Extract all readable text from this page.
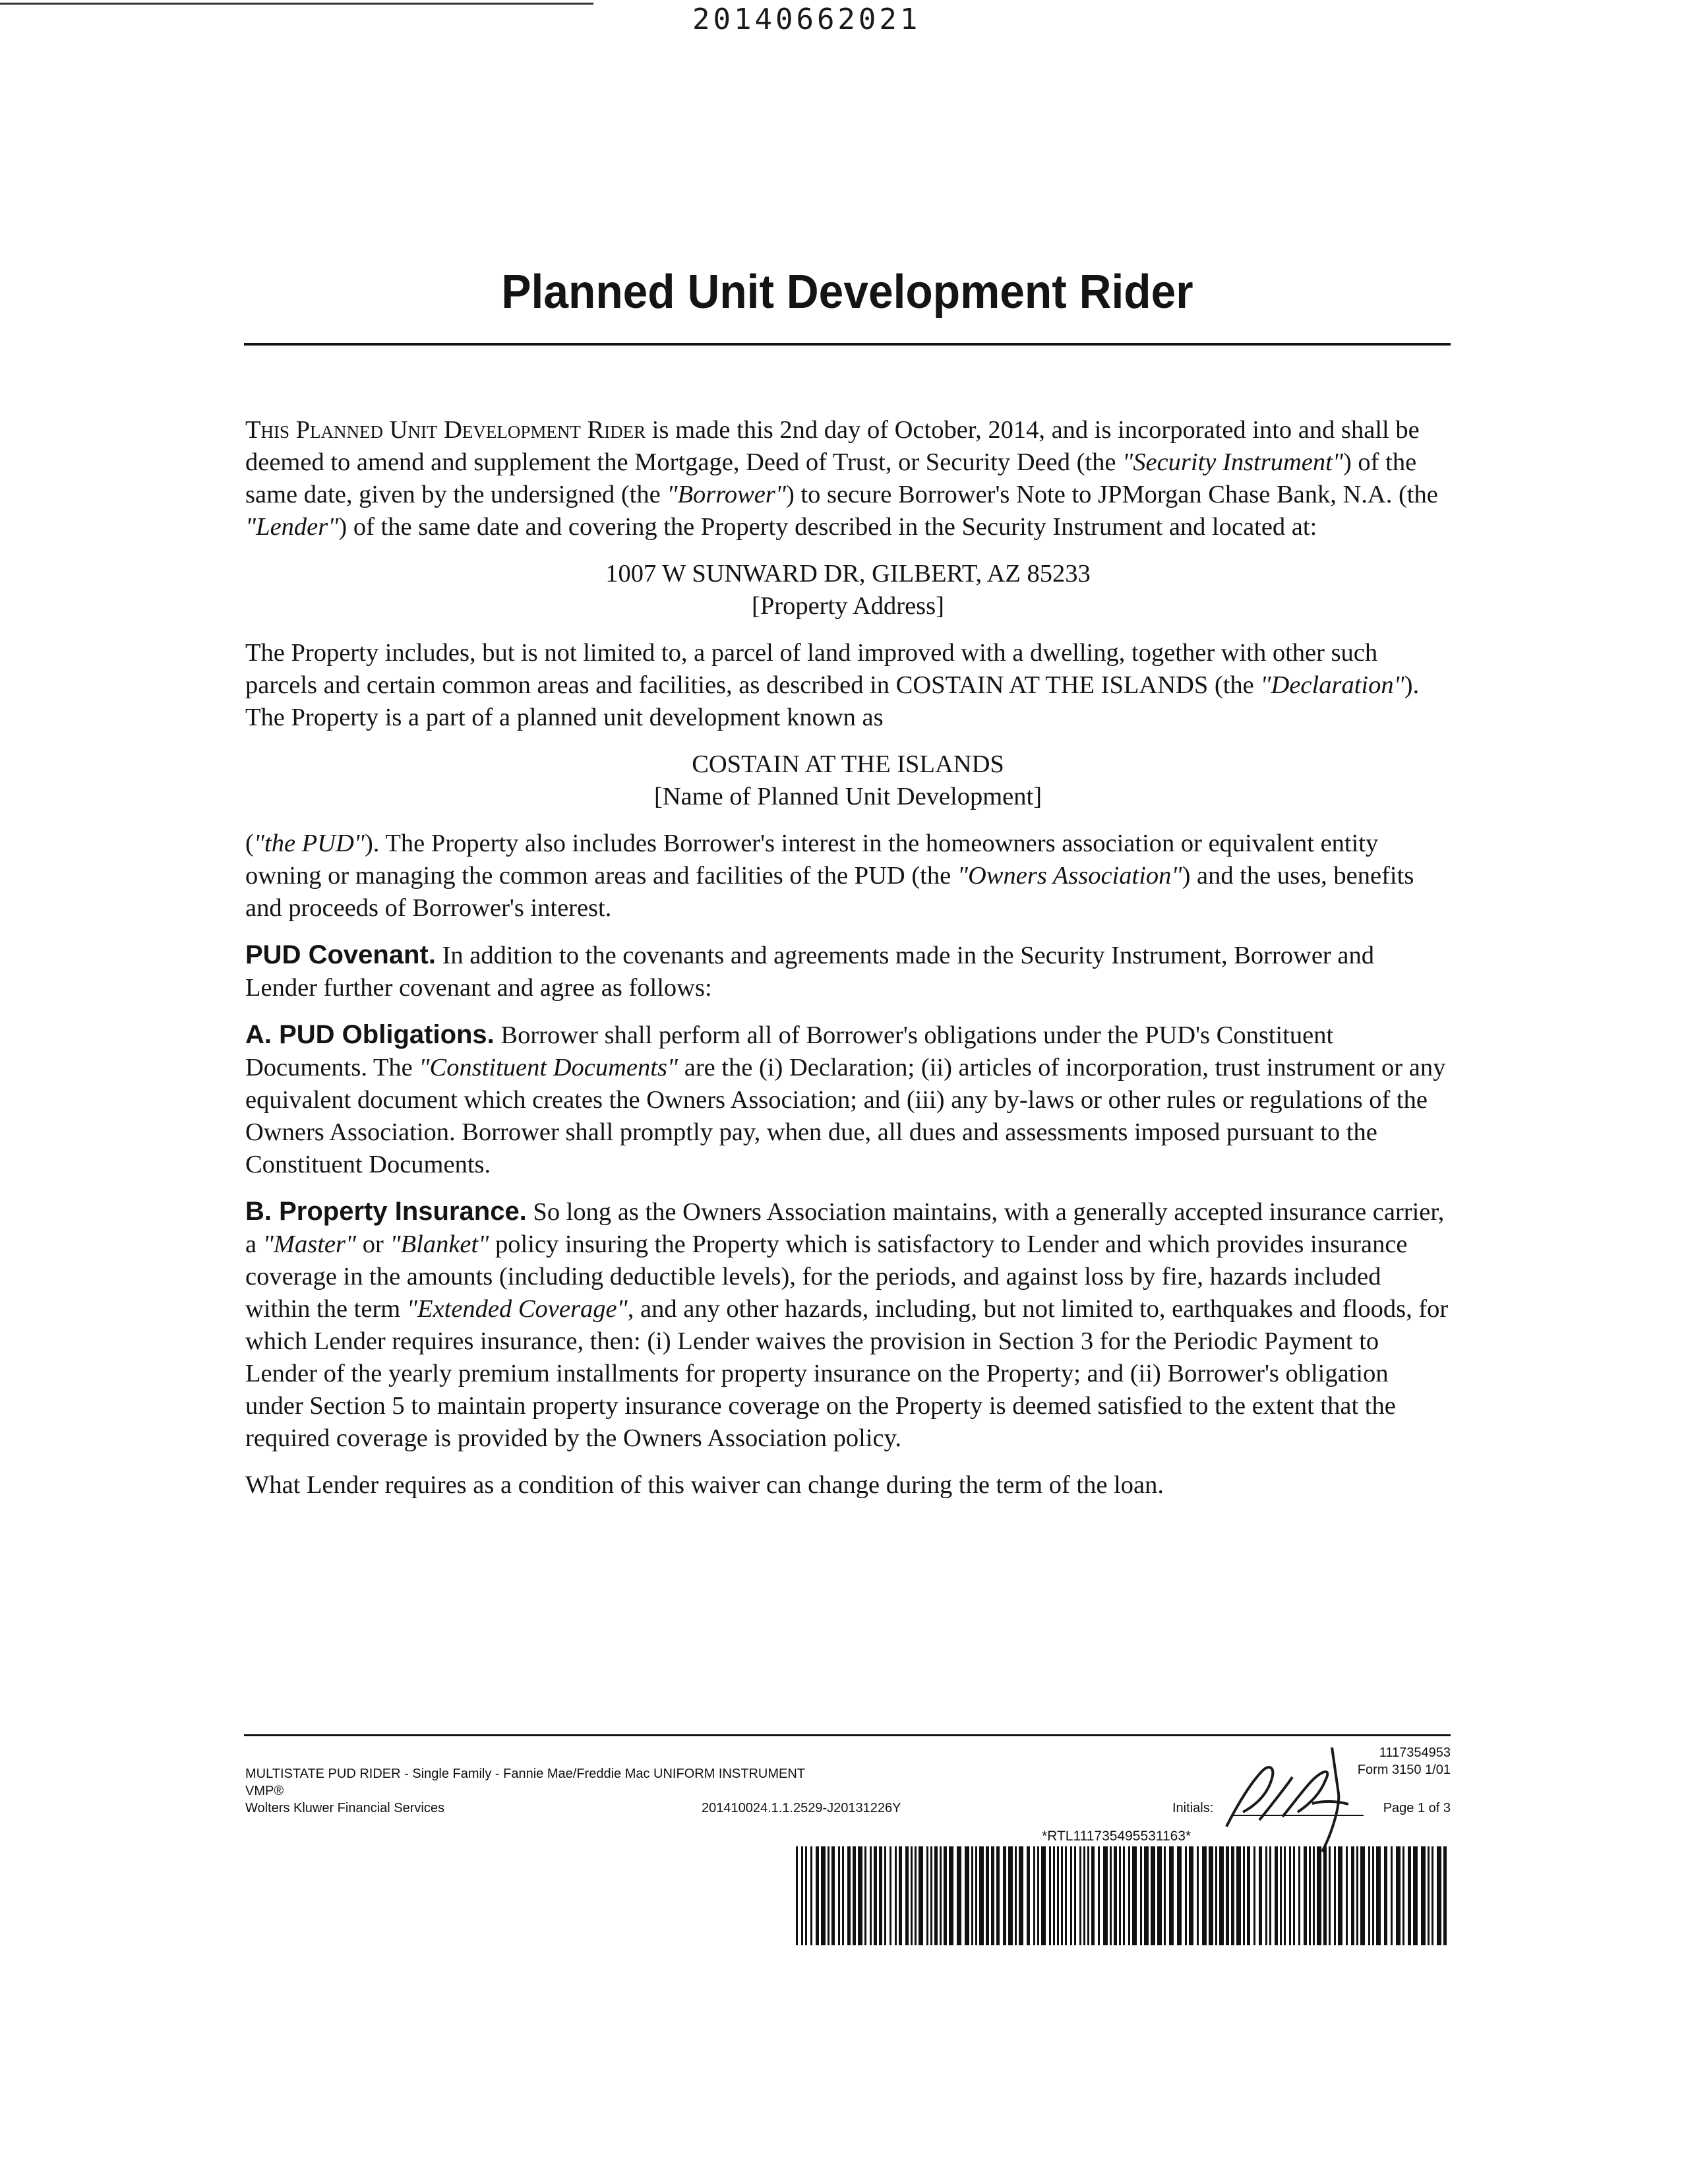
20140662021
Planned Unit Development Rider

This Planned Unit Development Rider is made this 2nd day of October, 2014, and is incorporated into and shall be deemed to amend and supplement the Mortgage, Deed of Trust, or Security Deed (the "Security Instrument") of the same date, given by the undersigned (the "Borrower") to secure Borrower's Note to JPMorgan Chase Bank, N.A. (the "Lender") of the same date and covering the Property described in the Security Instrument and located at:

1007 W SUNWARD DR, GILBERT, AZ 85233
[Property Address]

The Property includes, but is not limited to, a parcel of land improved with a dwelling, together with other such parcels and certain common areas and facilities, as described in COSTAIN AT THE ISLANDS (the "Declaration"). The Property is a part of a planned unit development known as

COSTAIN AT THE ISLANDS
[Name of Planned Unit Development]

("the PUD"). The Property also includes Borrower's interest in the homeowners association or equivalent entity owning or managing the common areas and facilities of the PUD (the "Owners Association") and the uses, benefits and proceeds of Borrower's interest.

PUD Covenant. In addition to the covenants and agreements made in the Security Instrument, Borrower and Lender further covenant and agree as follows:

A. PUD Obligations. Borrower shall perform all of Borrower's obligations under the PUD's Constituent Documents. The "Constituent Documents" are the (i) Declaration; (ii) articles of incorporation, trust instrument or any equivalent document which creates the Owners Association; and (iii) any by-laws or other rules or regulations of the Owners Association. Borrower shall promptly pay, when due, all dues and assessments imposed pursuant to the Constituent Documents.

B. Property Insurance. So long as the Owners Association maintains, with a generally accepted insurance carrier, a "Master" or "Blanket" policy insuring the Property which is satisfactory to Lender and which provides insurance coverage in the amounts (including deductible levels), for the periods, and against loss by fire, hazards included within the term "Extended Coverage", and any other hazards, including, but not limited to, earthquakes and floods, for which Lender requires insurance, then: (i) Lender waives the provision in Section 3 for the Periodic Payment to Lender of the yearly premium installments for property insurance on the Property; and (ii) Borrower's obligation under Section 5 to maintain property insurance coverage on the Property is deemed satisfied to the extent that the required coverage is provided by the Owners Association policy.

What Lender requires as a condition of this waiver can change during the term of the loan.

MULTISTATE PUD RIDER - Single Family - Fannie Mae/Freddie Mac UNIFORM INSTRUMENT
VMP®
Wolters Kluwer Financial Services	201410024.1.1.2529-J20131226Y
1117354953
Form 3150 1/01
Initials:	Page 1 of 3
*RTL111735495531163*
